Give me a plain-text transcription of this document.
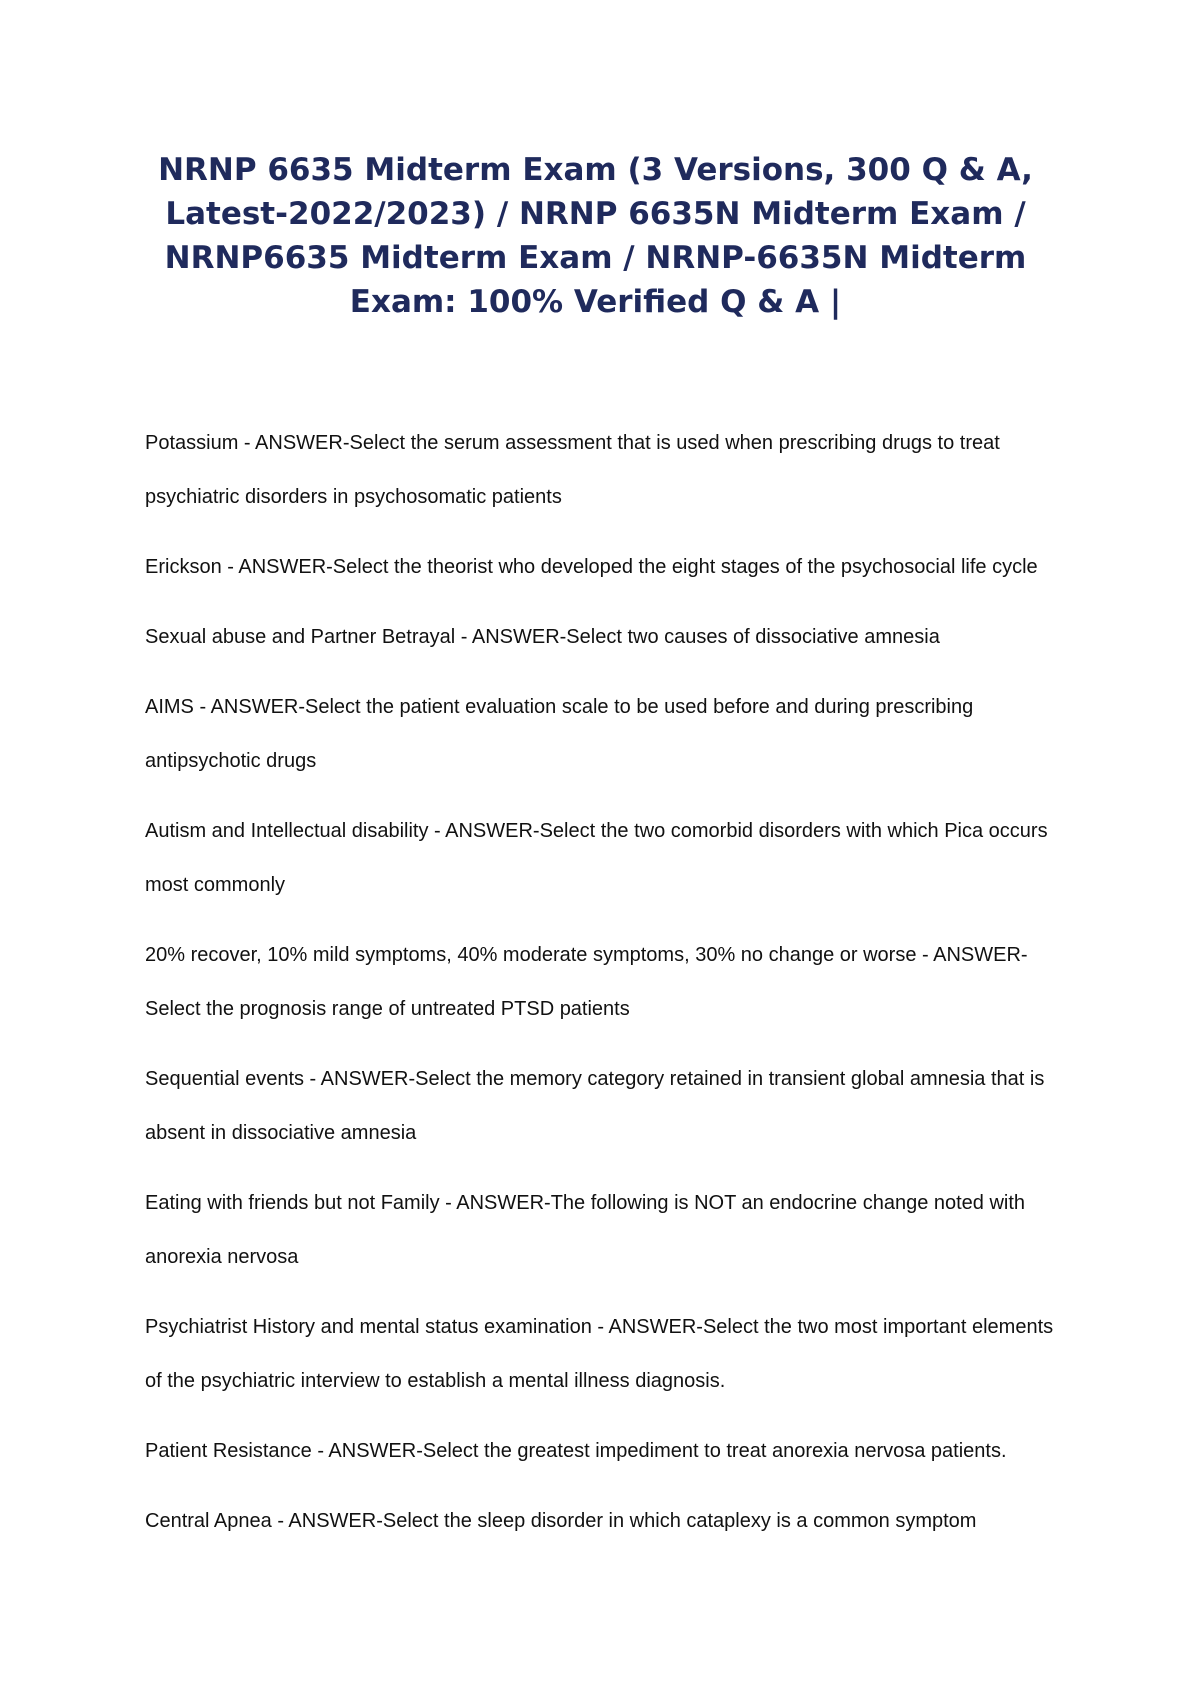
NRNP 6635 Midterm Exam (3 Versions, 300 Q & A, Latest-2022/2023) / NRNP 6635N Midterm Exam / NRNP6635 Midterm Exam / NRNP-6635N Midterm Exam: 100% Verified Q & A |
Potassium - ANSWER-Select the serum assessment that is used when prescribing drugs to treat psychiatric disorders in psychosomatic patients
Erickson - ANSWER-Select the theorist who developed the eight stages of the psychosocial life cycle
Sexual abuse and Partner Betrayal - ANSWER-Select two causes of dissociative amnesia
AIMS - ANSWER-Select the patient evaluation scale to be used before and during prescribing antipsychotic drugs
Autism and Intellectual disability - ANSWER-Select the two comorbid disorders with which Pica occurs most commonly
20% recover, 10% mild symptoms, 40% moderate symptoms, 30% no change or worse - ANSWER-Select the prognosis range of untreated PTSD patients
Sequential events - ANSWER-Select the memory category retained in transient global amnesia that is absent in dissociative amnesia
Eating with friends but not Family - ANSWER-The following is NOT an endocrine change noted with anorexia nervosa
Psychiatrist History and mental status examination - ANSWER-Select the two most important elements of the psychiatric interview to establish a mental illness diagnosis.
Patient Resistance - ANSWER-Select the greatest impediment to treat anorexia nervosa patients.
Central Apnea - ANSWER-Select the sleep disorder in which cataplexy is a common symptom
